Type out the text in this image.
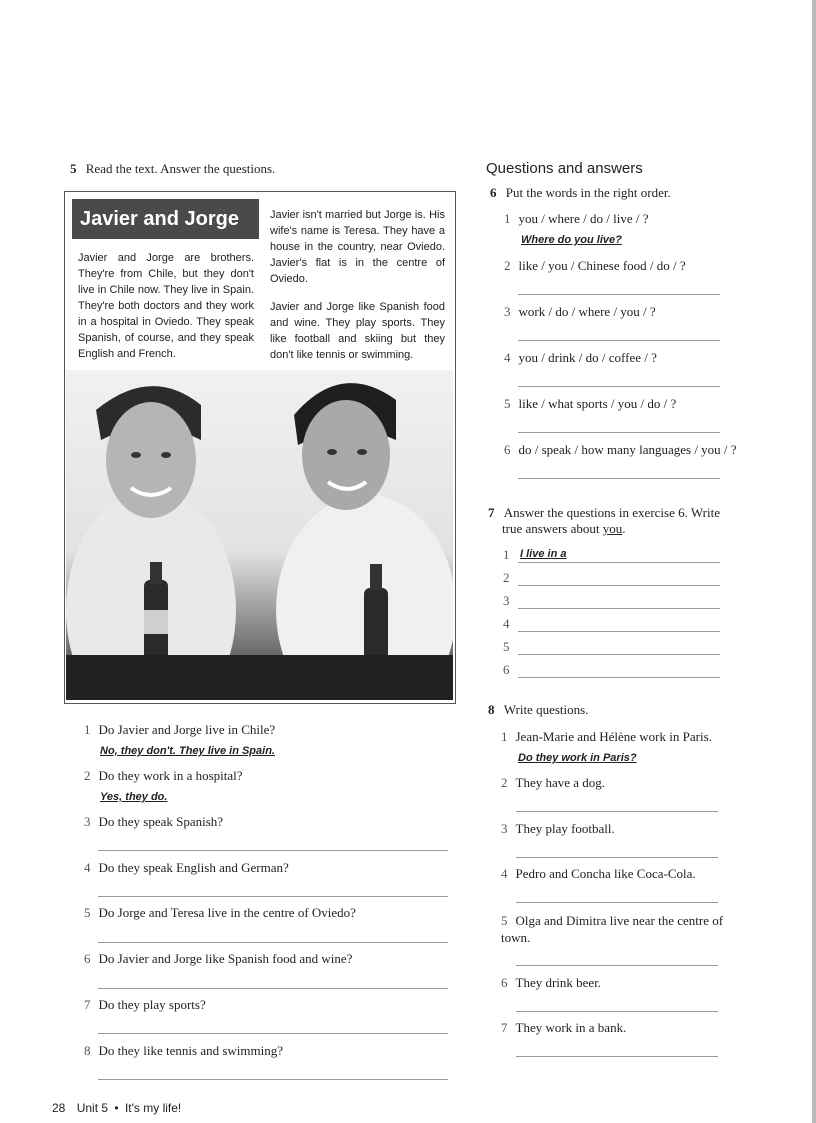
5 Read the text. Answer the questions.
Javier and Jorge
Javier and Jorge are brothers. They're from Chile, but they don't live in Chile now. They live in Spain. They're both doctors and they work in a hospital in Oviedo. They speak Spanish, of course, and they speak English and French.
Javier isn't married but Jorge is. His wife's name is Teresa. They have a house in the country, near Oviedo. Javier's flat is in the centre of Oviedo.
Javier and Jorge like Spanish food and wine. They play sports. They like football and skiing but they don't like tennis or swimming.
1 Do Javier and Jorge live in Chile?
No, they don't. They live in Spain.
2 Do they work in a hospital?
Yes, they do.
3 Do they speak Spanish?
4 Do they speak English and German?
5 Do Jorge and Teresa live in the centre of Oviedo?
6 Do Javier and Jorge like Spanish food and wine?
7 Do they play sports?
8 Do they like tennis and swimming?
Questions and answers
6 Put the words in the right order.
1 you / where / do / live / ?
Where do you live?
2 like / you / Chinese food / do / ?
3 work / do / where / you / ?
4 you / drink / do / coffee / ?
5 like / what sports / you / do / ?
6 do / speak / how many languages / you / ?
7 Answer the questions in exercise 6. Write
true answers about you.
1 I live in a
2
3
4
5
6
8 Write questions.
1 Jean-Marie and Hélène work in Paris.
Do they work in Paris?
2 They have a dog.
3 They play football.
4 Pedro and Concha like Coca-Cola.
5 Olga and Dimitra live near the centre of town.
6 They drink beer.
7 They work in a bank.
28 Unit 5 • It's my life!
